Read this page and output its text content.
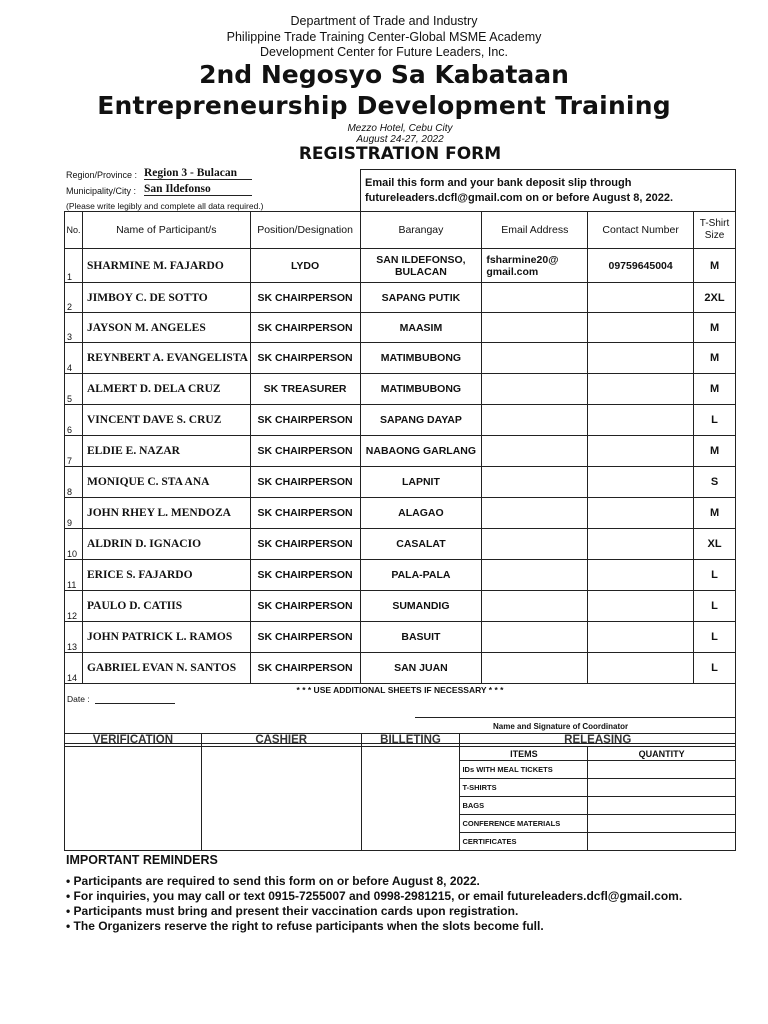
Department of Trade and Industry
Philippine Trade Training Center-Global MSME Academy
Development Center for Future Leaders, Inc.
2nd Negosyo Sa Kabataan
Entrepreneurship Development Training
Mezzo Hotel, Cebu City
August 24-27, 2022
REGISTRATION FORM
Region/Province : Region 3 - Bulacan
Municipality/City : San Ildefonso
(Please write legibly and complete all data required.)
Email this form and your bank deposit slip through
futureleaders.dcfl@gmail.com on or before August 8, 2022.
No.	Name of Participant/s	Position/Designation	Barangay	Email Address	Contact Number	T-Shirt Size
1	SHARMINE M. FAJARDO	LYDO	SAN ILDEFONSO, BULACAN	fsharmine20@ gmail.com	09759645004	M
2	JIMBOY C. DE SOTTO	SK CHAIRPERSON	SAPANG PUTIK			2XL
3	JAYSON M. ANGELES	SK CHAIRPERSON	MAASIM			M
4	REYNBERT A. EVANGELISTA	SK CHAIRPERSON	MATIMBUBONG			M
5	ALMERT D. DELA CRUZ	SK TREASURER	MATIMBUBONG			M
6	VINCENT DAVE S. CRUZ	SK CHAIRPERSON	SAPANG DAYAP			L
7	ELDIE E. NAZAR	SK CHAIRPERSON	NABAONG GARLANG			M
8	MONIQUE C. STA ANA	SK CHAIRPERSON	LAPNIT			S
9	JOHN RHEY L. MENDOZA	SK CHAIRPERSON	ALAGAO			M
10	ALDRIN D. IGNACIO	SK CHAIRPERSON	CASALAT			XL
11	ERICE S. FAJARDO	SK CHAIRPERSON	PALA-PALA			L
12	PAULO D. CATIIS	SK CHAIRPERSON	SUMANDIG			L
13	JOHN PATRICK L. RAMOS	SK CHAIRPERSON	BASUIT			L
14	GABRIEL EVAN N. SANTOS	SK CHAIRPERSON	SAN JUAN			L

* * * USE ADDITIONAL SHEETS IF NECESSARY * * *
Date :
Name and Signature of Coordinator						
VERIFICATION	CASHIER	BILLETING	RELEASING	
			ITEMS	QUANTITY
			IDs WITH MEAL TICKETS	
			T-SHIRTS	
			BAGS	
			CONFERENCE MATERIALS	
			CERTIFICATES	
IMPORTANT REMINDERS
• Participants are required to send this form on or before August 8, 2022.
• For inquiries, you may call or text 0915-7255007 and 0998-2981215, or email futureleaders.dcfl@gmail.com.
• Participants must bring and present their vaccination cards upon registration.
• The Organizers reserve the right to refuse participants when the slots become full.
